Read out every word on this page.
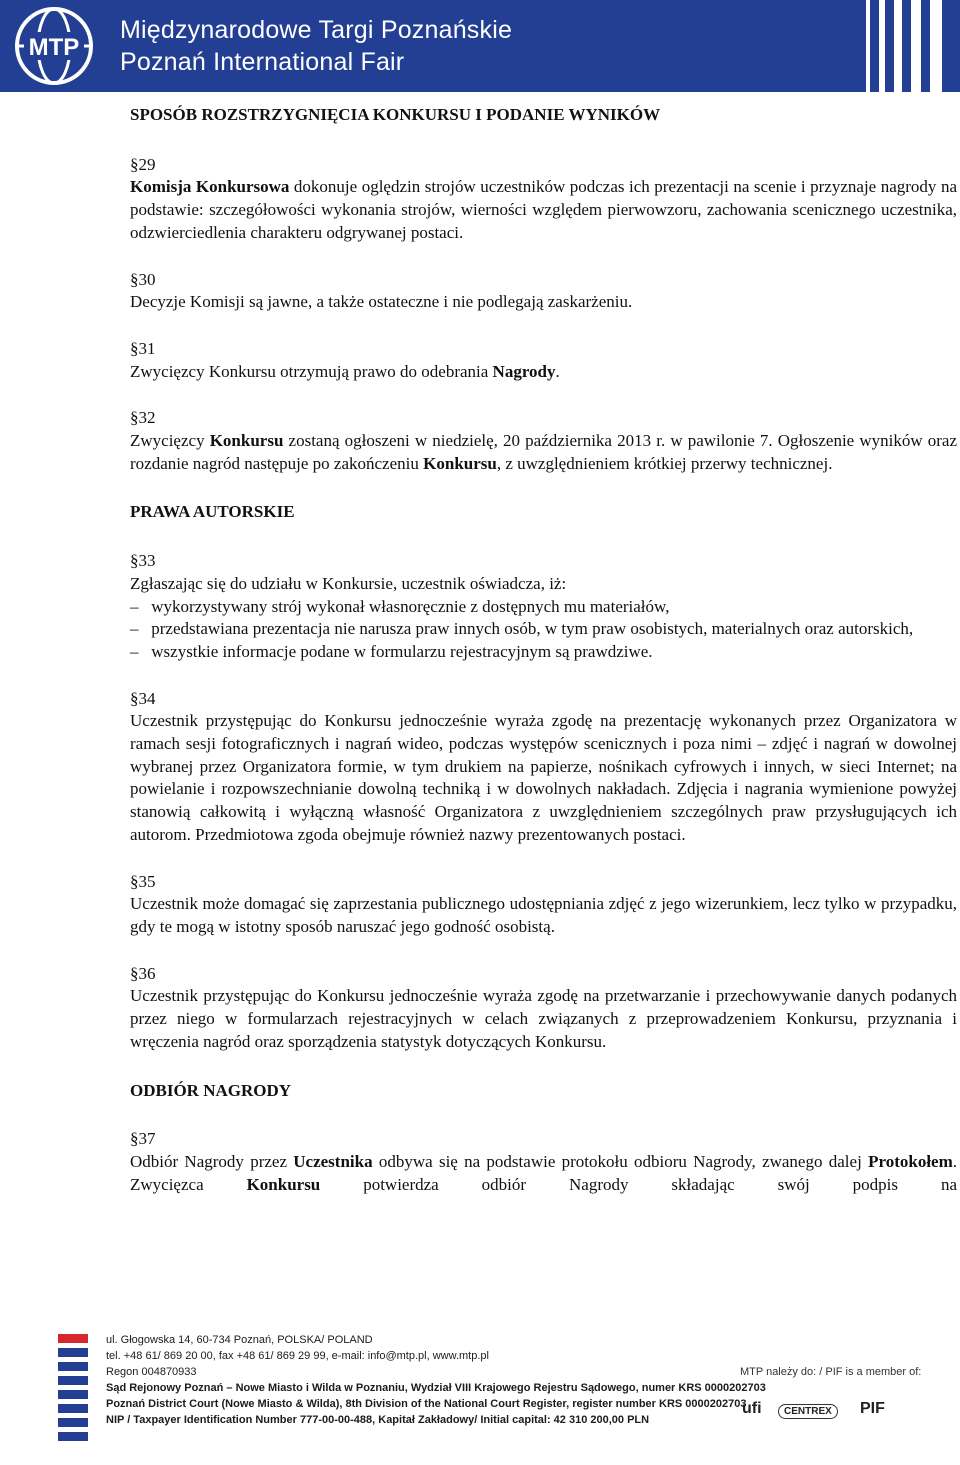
MTP
Międzynarodowe Targi Poznańskie
Poznań International Fair
SPOSÓB ROZSTRZYGNIĘCIA KONKURSU I PODANIE WYNIKÓW
§29
Komisja Konkursowa dokonuje oględzin strojów uczestników podczas ich prezentacji na scenie i przyznaje nagrody na podstawie: szczegółowości wykonania strojów, wierności względem pierwowzoru, zachowania scenicznego uczestnika, odzwierciedlenia charakteru odgrywanej postaci.
§30
Decyzje Komisji są jawne, a także ostateczne i nie podlegają zaskarżeniu.
§31
Zwycięzcy Konkursu otrzymują prawo do odebrania Nagrody.
§32
Zwycięzcy Konkursu zostaną ogłoszeni w niedzielę, 20 października 2013 r. w pawilonie 7. Ogłoszenie wyników oraz rozdanie nagród następuje po zakończeniu Konkursu, z uwzględnieniem krótkiej przerwy technicznej.
PRAWA AUTORSKIE
§33
Zgłaszając się do udziału w Konkursie, uczestnik oświadcza, iż:
– wykorzystywany strój wykonał własnoręcznie z dostępnych mu materiałów,
– przedstawiana prezentacja nie narusza praw innych osób, w tym praw osobistych, materialnych oraz autorskich,
– wszystkie informacje podane w formularzu rejestracyjnym są prawdziwe.
§34
Uczestnik przystępując do Konkursu jednocześnie wyraża zgodę na prezentację wykonanych przez Organizatora w ramach sesji fotograficznych i nagrań wideo, podczas występów scenicznych i poza nimi – zdjęć i nagrań w dowolnej wybranej przez Organizatora formie, w tym drukiem na papierze, nośnikach cyfrowych i innych, w sieci Internet; na powielanie i rozpowszechnianie dowolną techniką i w dowolnych nakładach. Zdjęcia i nagrania wymienione powyżej stanowią całkowitą i wyłączną własność Organizatora z uwzględnieniem szczególnych praw przysługujących ich autorom. Przedmiotowa zgoda obejmuje również nazwy prezentowanych postaci.
§35
Uczestnik może domagać się zaprzestania publicznego udostępniania zdjęć z jego wizerunkiem, lecz tylko w przypadku, gdy te mogą w istotny sposób naruszać jego godność osobistą.
§36
Uczestnik przystępując do Konkursu jednocześnie wyraża zgodę na przetwarzanie i przechowywanie danych podanych przez niego w formularzach rejestracyjnych w celach związanych z przeprowadzeniem Konkursu, przyznania i wręczenia nagród oraz sporządzenia statystyk dotyczących Konkursu.
ODBIÓR NAGRODY
§37
Odbiór Nagrody przez Uczestnika odbywa się na podstawie protokołu odbioru Nagrody, zwanego dalej Protokołem. Zwycięzca Konkursu potwierdza odbiór Nagrody składając swój podpis na
ul. Głogowska 14, 60-734 Poznań, POLSKA/ POLAND
tel. +48 61/ 869 20 00, fax +48 61/ 869 29 99, e-mail: info@mtp.pl, www.mtp.pl
Regon 004870933
Sąd Rejonowy Poznań – Nowe Miasto i Wilda w Poznaniu, Wydział VIII Krajowego Rejestru Sądowego, numer KRS 0000202703
Poznań District Court (Nowe Miasto & Wilda), 8th Division of the National Court Register, register number KRS 0000202703
NIP / Taxpayer Identification Number 777-00-00-488, Kapitał Zakładowy/ Initial capital: 42 310 200,00 PLN
MTP należy do: / PIF is a member of:
ufi	CENTREX	PIF
